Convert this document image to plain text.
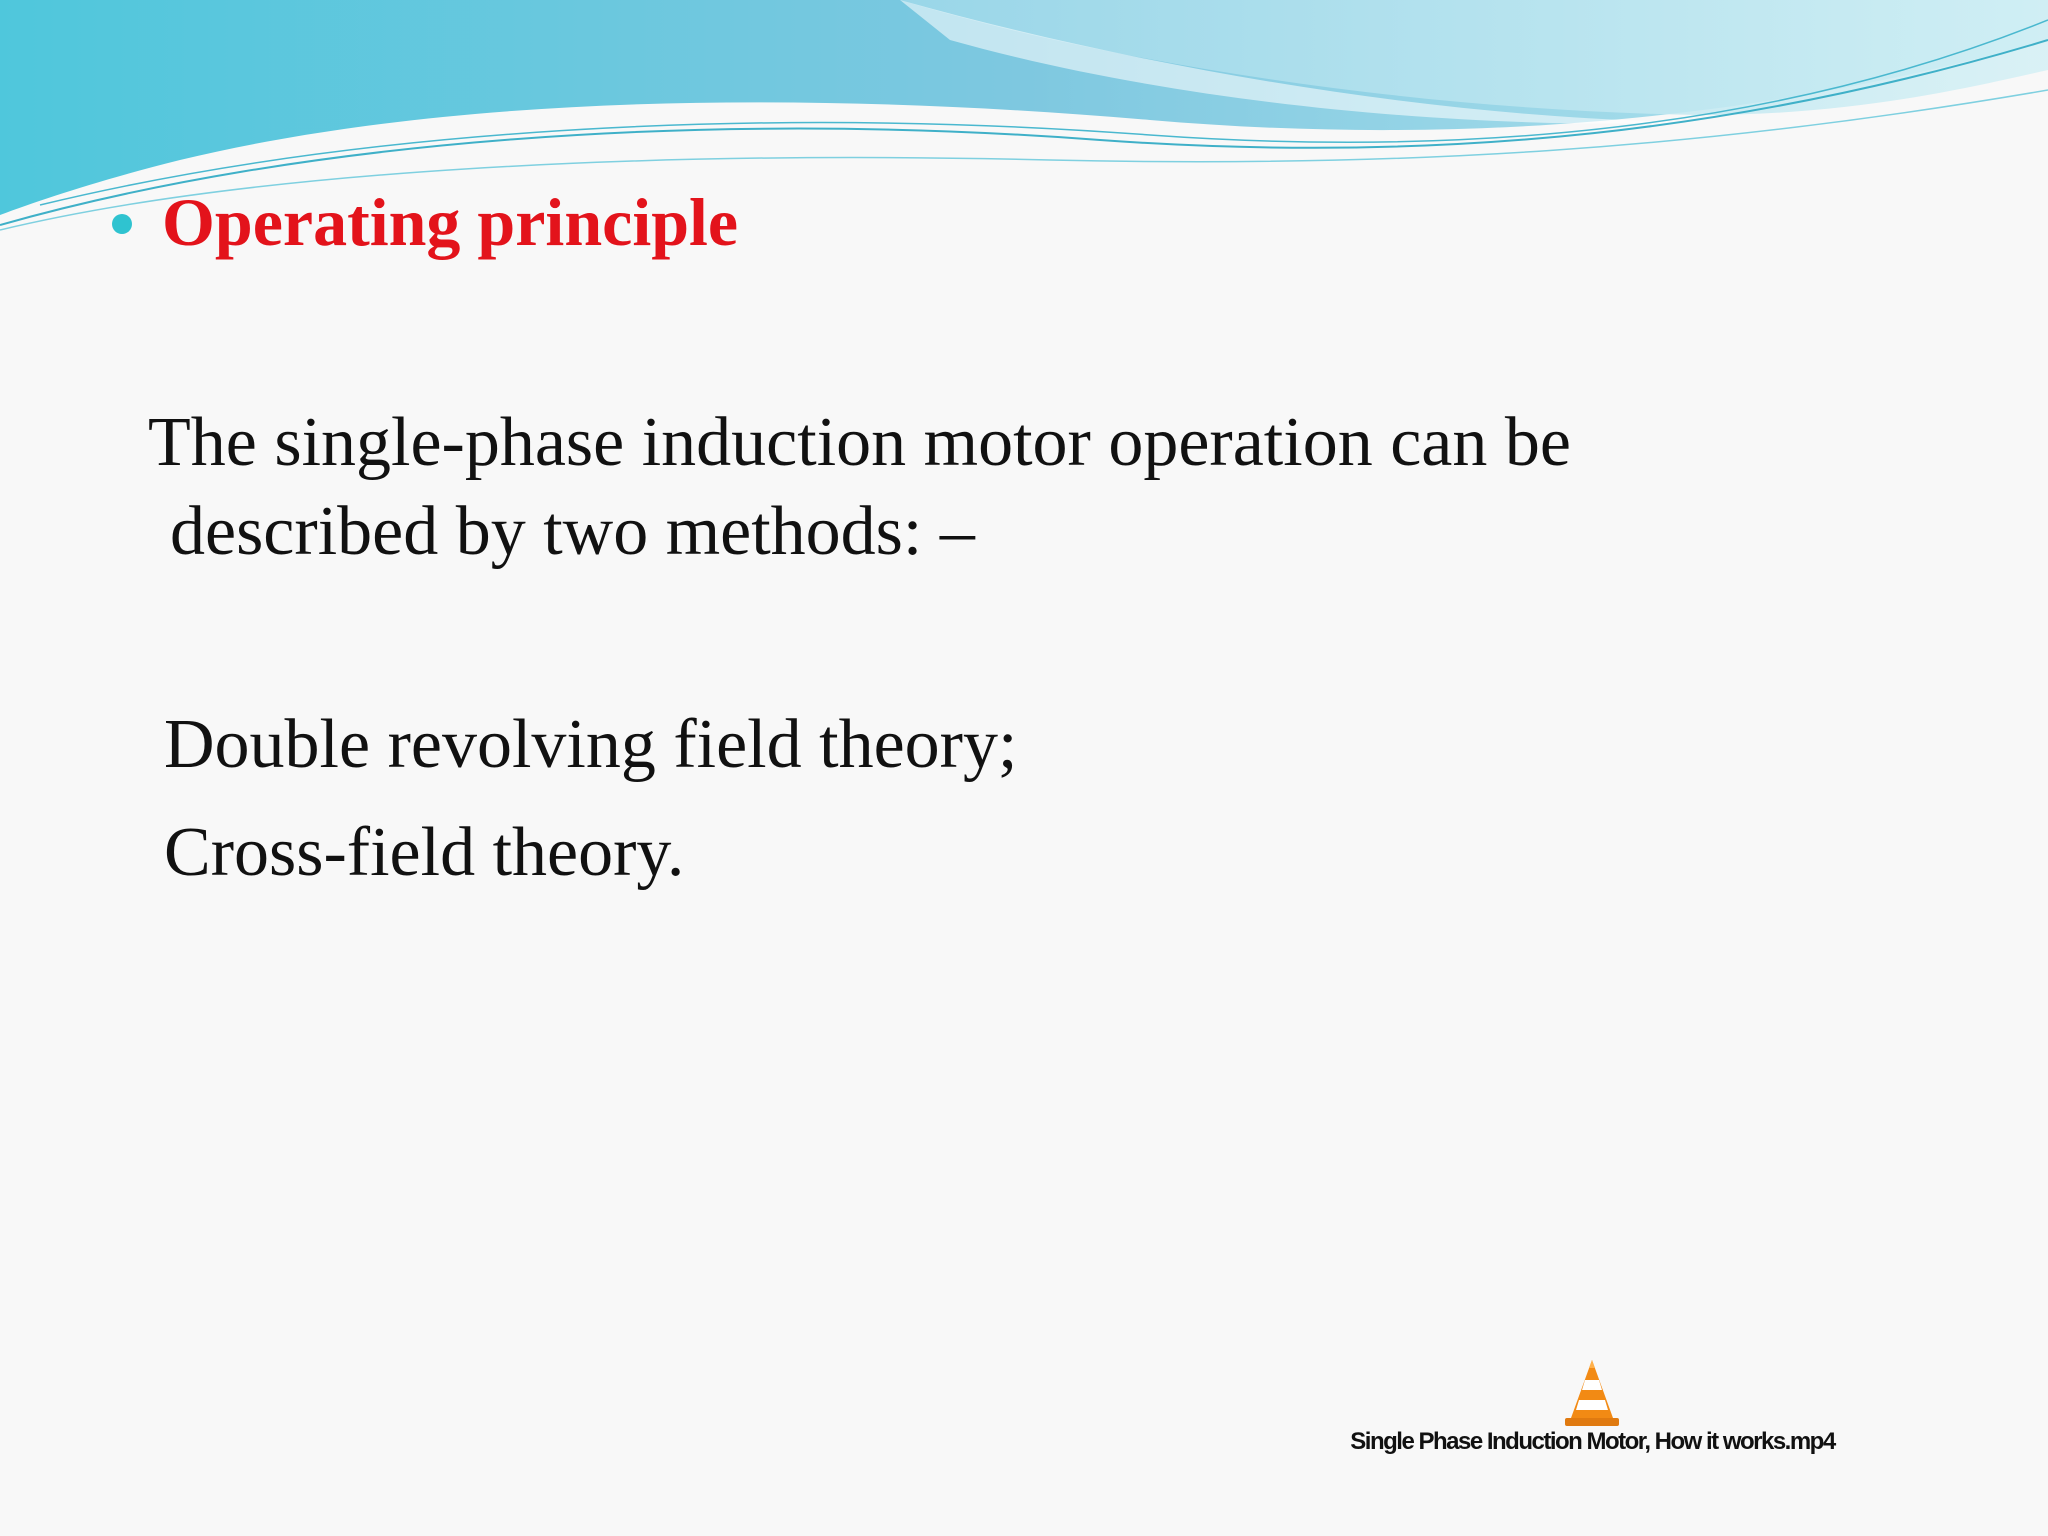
Operating principle
The single-phase induction motor operation can be
described by two methods: –
Double revolving field theory;
Cross-field theory.
Single Phase Induction Motor, How it works.mp4
